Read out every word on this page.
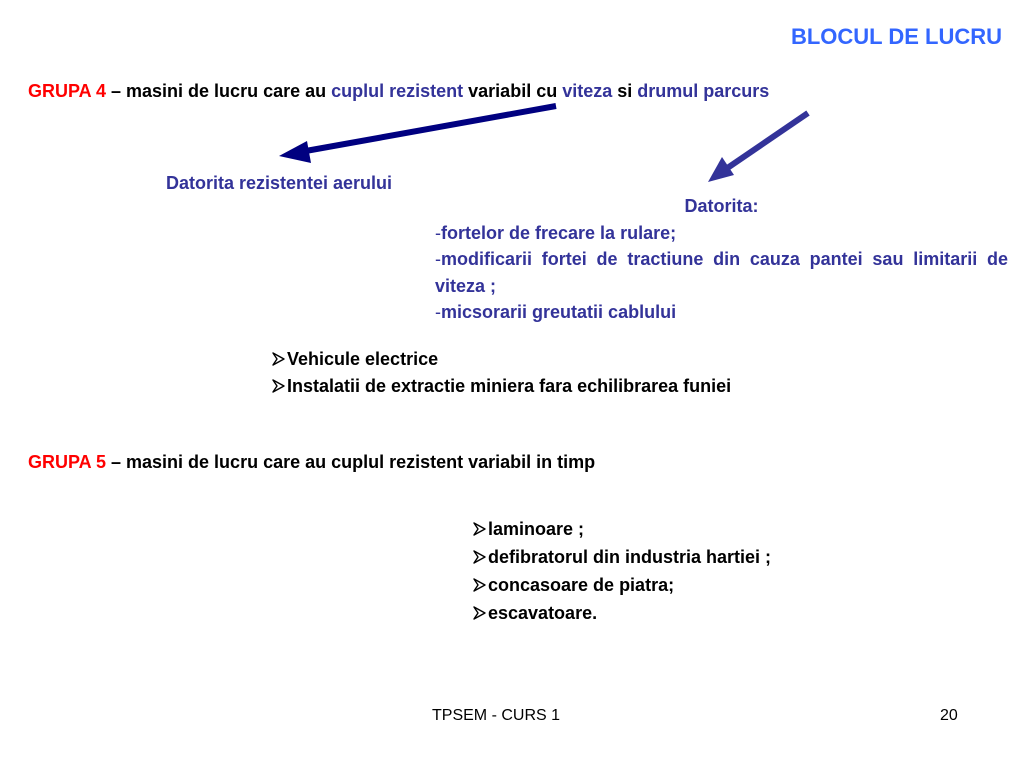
BLOCUL DE LUCRU
GRUPA 4 – masini de lucru care au cuplul rezistent variabil cu viteza si drumul parcurs
Datorita rezistentei aerului
Datorita:
-fortelor de frecare la rulare;
-modificarii fortei de tractiune din cauza pantei sau limitarii de viteza ;
-micsorarii greutatii cablului
Vehicule electrice
Instalatii de extractie miniera fara echilibrarea funiei
GRUPA 5 – masini de lucru care au cuplul rezistent variabil in timp
laminoare ;
defibratorul din industria hartiei ;
concasoare de piatra;
escavatoare.
TPSEM - CURS 1	20
